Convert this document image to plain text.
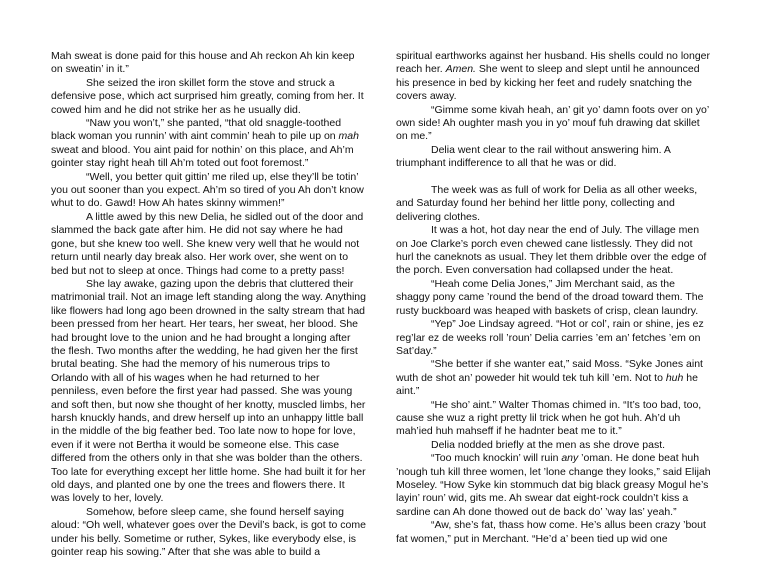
Mah sweat is done paid for this house and Ah reckon Ah kin keep on sweatin’ in it.”

She seized the iron skillet form the stove and struck a defensive pose, which act surprised him greatly, coming from her. It cowed him and he did not strike her as he usually did.

“Naw you won’t,” she panted, “that old snaggle-toothed black woman you runnin’ with aint commin’ heah to pile up on mah sweat and blood. You aint paid for nothin’ on this place, and Ah’m gointer stay right heah till Ah’m toted out foot foremost.”

“Well, you better quit gittin’ me riled up, else they’ll be totin’ you out sooner than you expect. Ah’m so tired of you Ah don’t know whut to do. Gawd! How Ah hates skinny wimmen!”

A little awed by this new Delia, he sidled out of the door and slammed the back gate after him. He did not say where he had gone, but she knew too well. She knew very well that he would not return until nearly day break also. Her work over, she went on to bed but not to sleep at once. Things had come to a pretty pass!

She lay awake, gazing upon the debris that cluttered their matrimonial trail. Not an image left standing along the way. Anything like flowers had long ago been drowned in the salty stream that had been pressed from her heart. Her tears, her sweat, her blood. She had brought love to the union and he had brought a longing after the flesh. Two months after the wedding, he had given her the first brutal beating. She had the memory of his numerous trips to Orlando with all of his wages when he had returned to her penniless, even before the first year had passed. She was young and soft then, but now she thought of her knotty, muscled limbs, her harsh knuckly hands, and drew herself up into an unhappy little ball in the middle of the big feather bed. Too late now to hope for love, even if it were not Bertha it would be someone else. This case differed from the others only in that she was bolder than the others. Too late for everything except her little home. She had built it for her old days, and planted one by one the trees and flowers there. It was lovely to her, lovely.

Somehow, before sleep came, she found herself saying aloud: “Oh well, whatever goes over the Devil’s back, is got to come under his belly. Sometime or ruther, Sykes, like everybody else, is gointer reap his sowing.” After that she was able to build a

spiritual earthworks against her husband. His shells could no longer reach her. Amen. She went to sleep and slept until he announced his presence in bed by kicking her feet and rudely snatching the covers away.

“Gimme some kivah heah, an’ git yo’ damn foots over on yo’ own side! Ah oughter mash you in yo’ mouf fuh drawing dat skillet on me.”

Delia went clear to the rail without answering him. A triumphant indifference to all that he was or did.

The week was as full of work for Delia as all other weeks, and Saturday found her behind her little pony, collecting and delivering clothes.

It was a hot, hot day near the end of July. The village men on Joe Clarke’s porch even chewed cane listlessly. They did not hurl the caneknots as usual. They let them dribble over the edge of the porch. Even conversation had collapsed under the heat.

“Heah come Delia Jones,” Jim Merchant said, as the shaggy pony came ’round the bend of the droad toward them. The rusty buckboard was heaped with baskets of crisp, clean laundry.

“Yep” Joe Lindsay agreed. “Hot or col’, rain or shine, jes ez reg’lar ez de weeks roll ’roun’ Delia carries ’em an’ fetches ’em on Sat’day.”

“She better if she wanter eat,” said Moss. “Syke Jones aint wuth de shot an’ poweder hit would tek tuh kill ’em. Not to huh he aint.”

“He sho’ aint.” Walter Thomas chimed in. “It’s too bad, too, cause she wuz a right pretty lil trick when he got huh. Ah’d uh mah’ied huh mahseff if he hadnter beat me to it.”

Delia nodded briefly at the men as she drove past.

“Too much knockin’ will ruin any ’oman. He done beat huh ’nough tuh kill three women, let ’lone change they looks,” said Elijah Moseley. “How Syke kin stommuch dat big black greasy Mogul he’s layin’ roun’ wid, gits me. Ah swear dat eight-rock couldn’t kiss a sardine can Ah done thowed out de back do’ ’way las’ yeah.”

“Aw, she’s fat, thass how come. He’s allus been crazy ’bout fat women,” put in Merchant. “He’d a’ been tied up wid one
